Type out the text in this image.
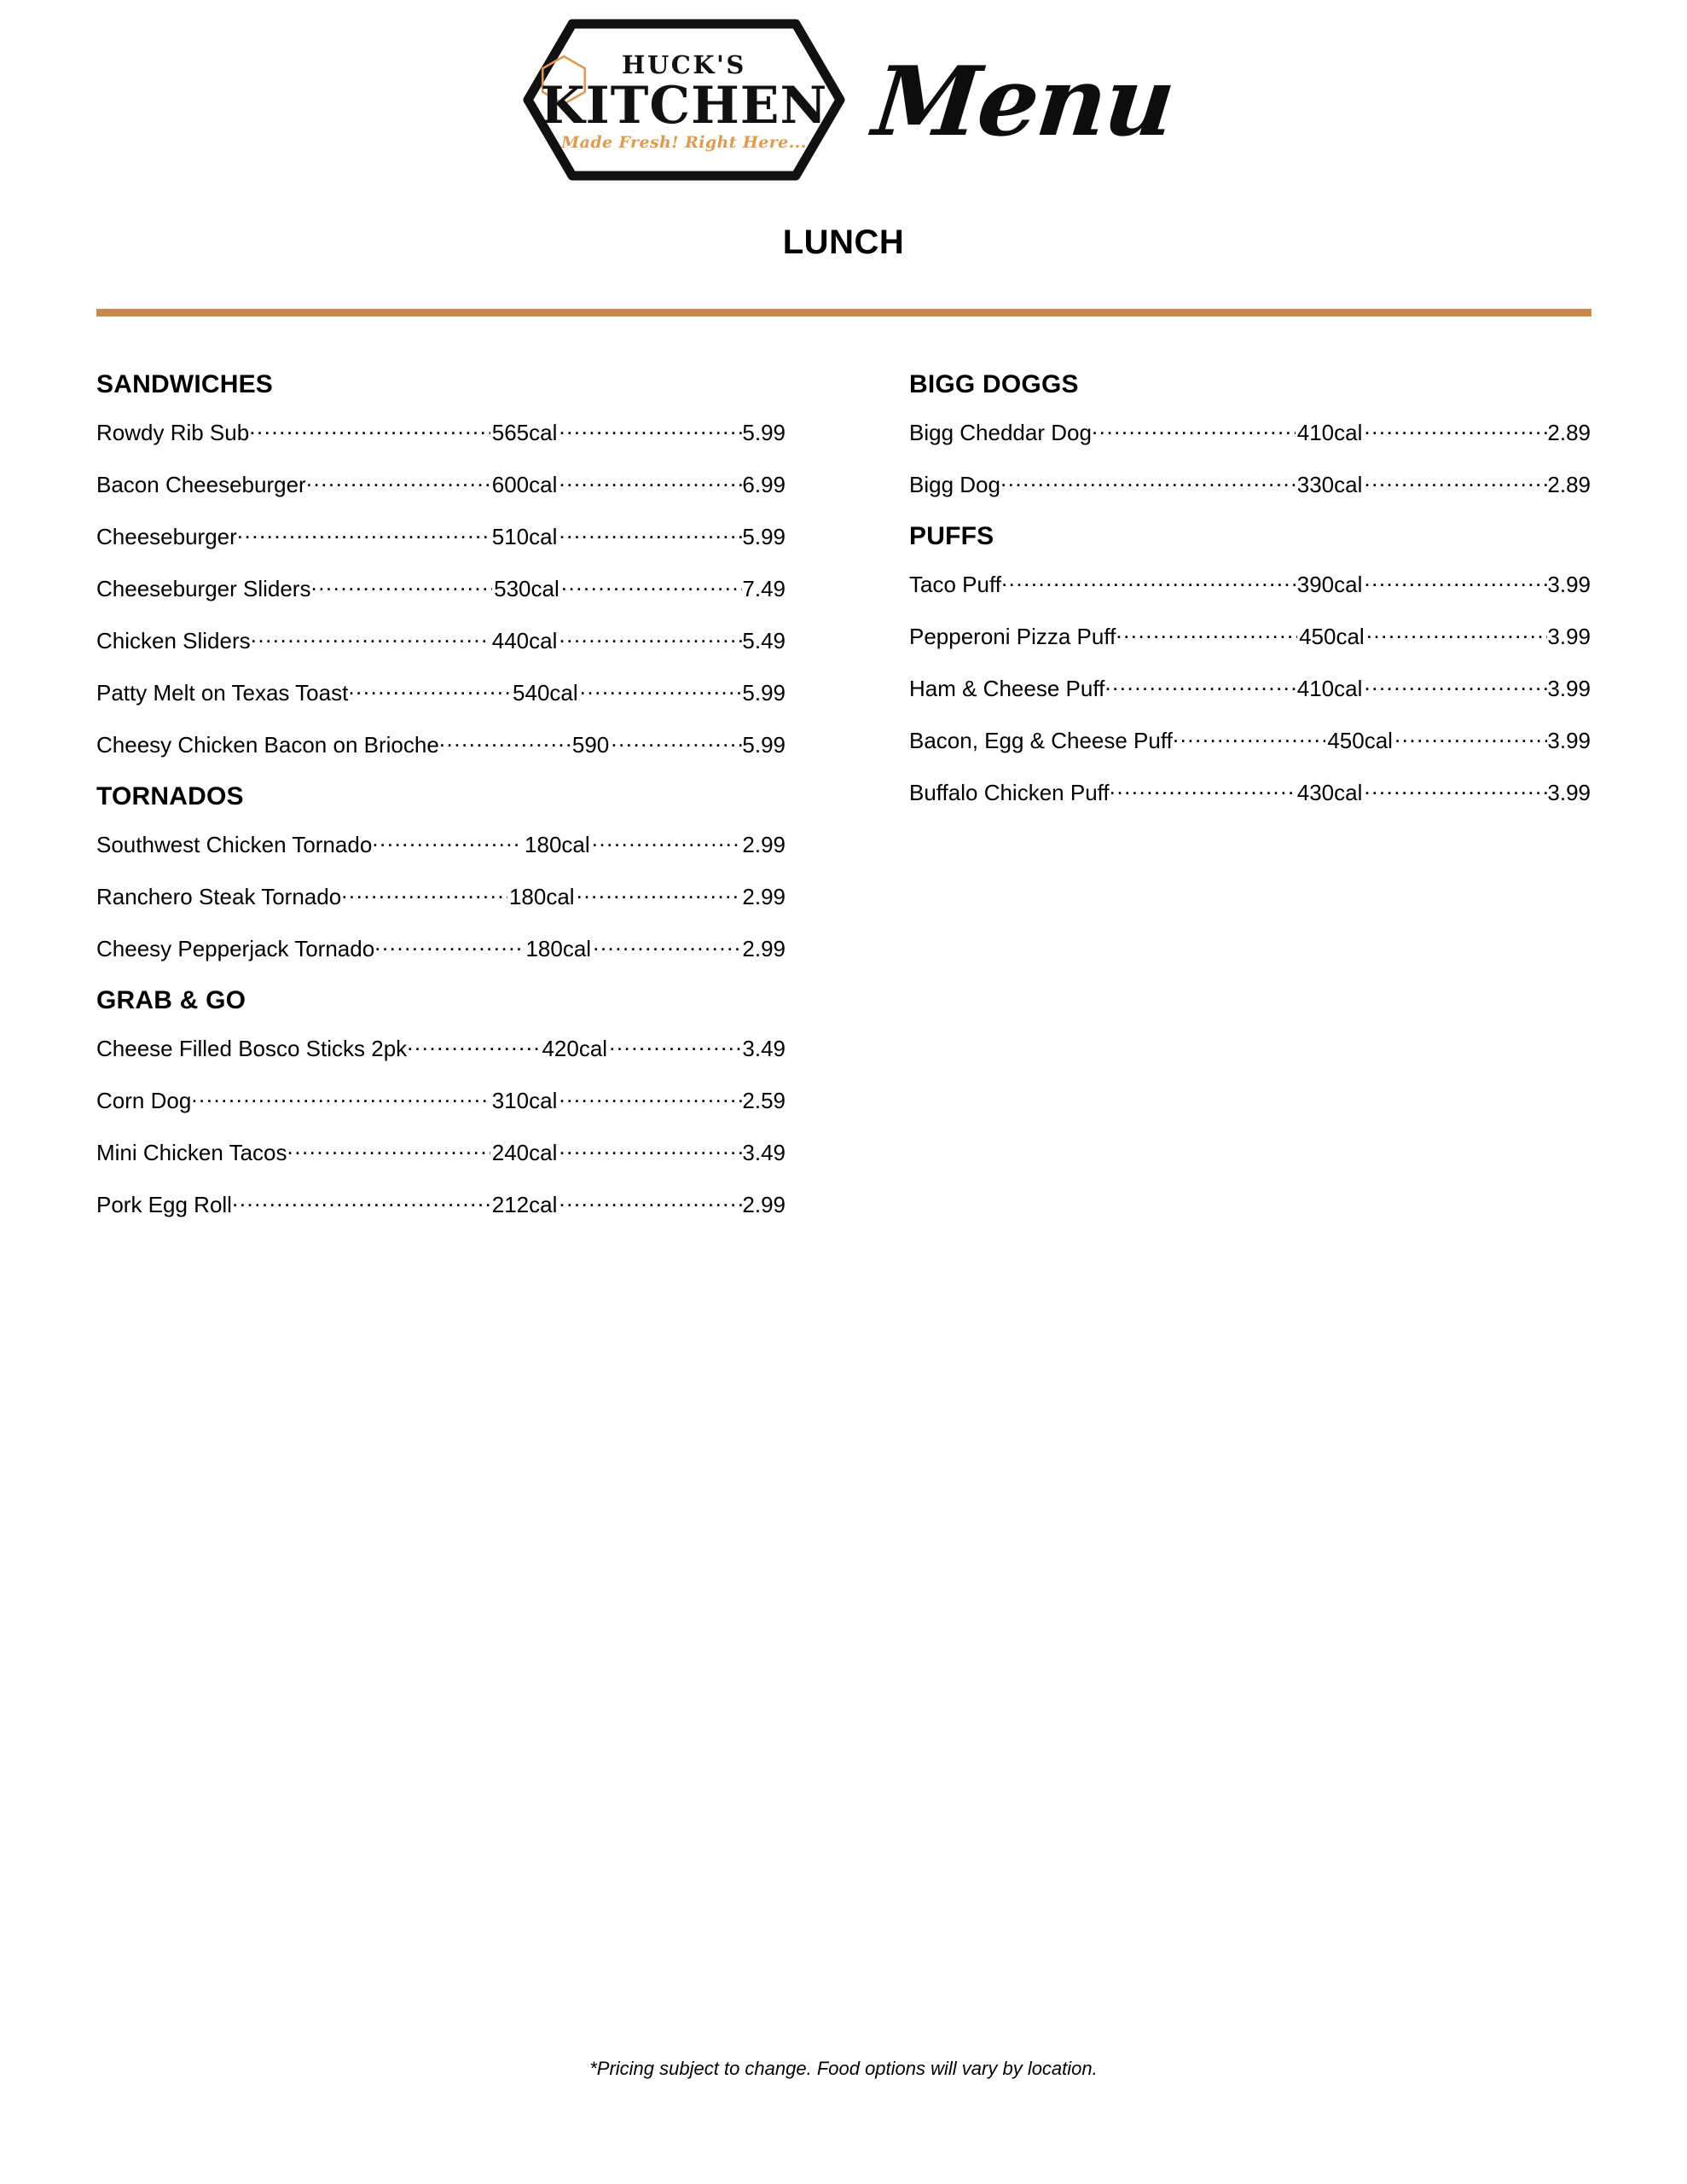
HUCK'S
KITCHEN
Made Fresh! Right Here... Menu
LUNCH
SANDWICHES
Rowdy Rib Sub .....	565cal .....	5.99
Bacon Cheeseburger .....	600cal .....	6.99
Cheeseburger .....	510cal .....	5.99
Cheeseburger Sliders .....	530cal .....	7.49
Chicken Sliders .....	440cal .....	5.49
Patty Melt on Texas Toast .....	540cal .....	5.99
Cheesy Chicken Bacon on Brioche .....	590 .....	5.99
TORNADOS
Southwest Chicken Tornado .....	180cal .....	2.99
Ranchero Steak Tornado .....	180cal .....	2.99
Cheesy Pepperjack Tornado .....	180cal .....	2.99
GRAB & GO
Cheese Filled Bosco Sticks 2pk .....	420cal .....	3.49
Corn Dog .....	310cal .....	2.59
Mini Chicken Tacos .....	240cal .....	3.49
Pork Egg Roll .....	212cal .....	2.99
BIGG DOGGS
Bigg Cheddar Dog .....	410cal .....	2.89
Bigg Dog .....	330cal .....	2.89
PUFFS
Taco Puff .....	390cal .....	3.99
Pepperoni Pizza Puff .....	450cal .....	3.99
Ham & Cheese Puff .....	410cal .....	3.99
Bacon, Egg & Cheese Puff .....	450cal .....	3.99
Buffalo Chicken Puff .....	430cal .....	3.99
*Pricing subject to change. Food options will vary by location.
